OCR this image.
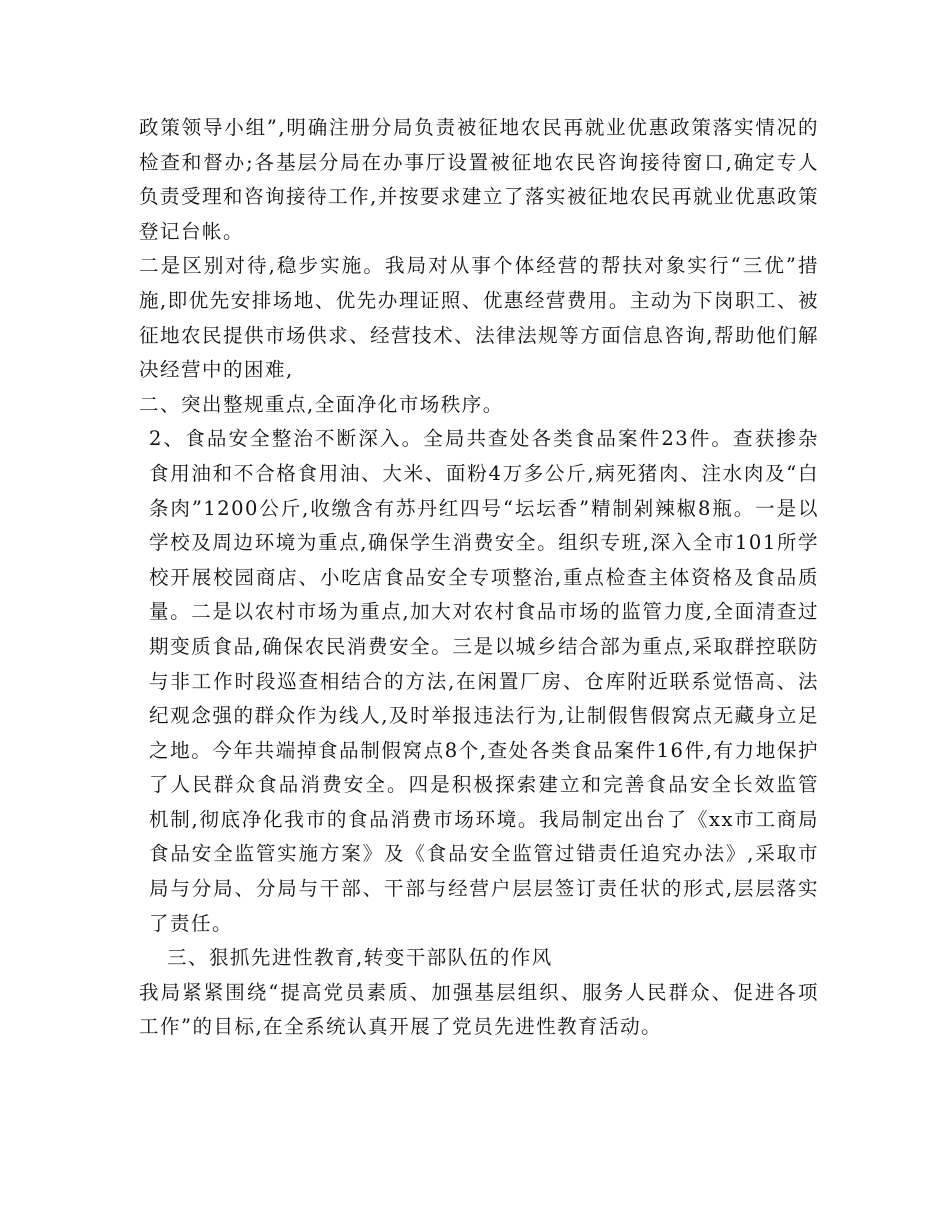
政策领导小组”,明确注册分局负责被征地农民再就业优惠政策落实情况的检查和督办;各基层分局在办事厅设置被征地农民咨询接待窗口,确定专人负责受理和咨询接待工作,并按要求建立了落实被征地农民再就业优惠政策登记台帐。

二是区别对待,稳步实施。我局对从事个体经营的帮扶对象实行“三优”措施,即优先安排场地、优先办理证照、优惠经营费用。主动为下岗职工、被征地农民提供市场供求、经营技术、法律法规等方面信息咨询,帮助他们解决经营中的困难,

二、突出整规重点,全面净化市场秩序。

2、食品安全整治不断深入。全局共查处各类食品案件23件。查获掺杂食用油和不合格食用油、大米、面粉4万多公斤,病死猪肉、注水肉及“白条肉”1200公斤,收缴含有苏丹红四号“坛坛香”精制剁辣椒8瓶。一是以学校及周边环境为重点,确保学生消费安全。组织专班,深入全市101所学校开展校园商店、小吃店食品安全专项整治,重点检查主体资格及食品质量。二是以农村市场为重点,加大对农村食品市场的监管力度,全面清查过期变质食品,确保农民消费安全。三是以城乡结合部为重点,采取群控联防与非工作时段巡查相结合的方法,在闲置厂房、仓库附近联系觉悟高、法纪观念强的群众作为线人,及时举报违法行为,让制假售假窝点无藏身立足之地。今年共端掉食品制假窝点8个,查处各类食品案件16件,有力地保护了人民群众食品消费安全。四是积极探索建立和完善食品安全长效监管机制,彻底净化我市的食品消费市场环境。我局制定出台了《xx市工商局食品安全监管实施方案》及《食品安全监管过错责任追究办法》,采取市局与分局、分局与干部、干部与经营户层层签订责任状的形式,层层落实了责任。

三、狠抓先进性教育,转变干部队伍的作风

我局紧紧围绕“提高党员素质、加强基层组织、服务人民群众、促进各项工作”的目标,在全系统认真开展了党员先进性教育活动。
